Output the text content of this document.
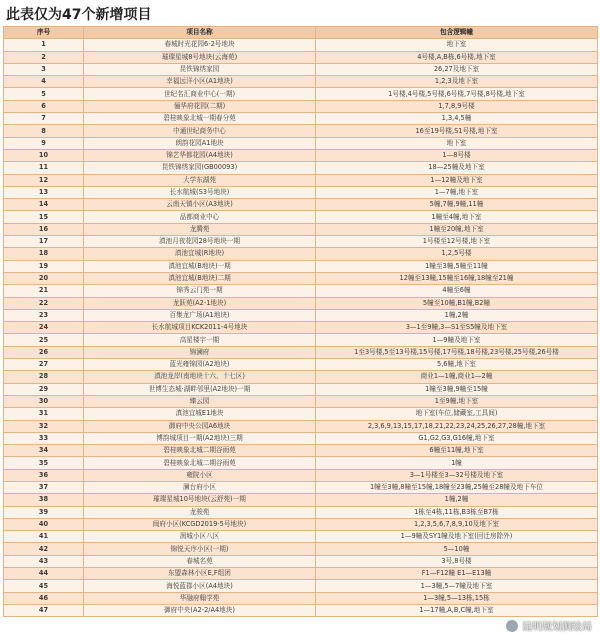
此表仅为47个新增项目
序号	项目名称	包含逻辑幢
1	春城时光花园6-2号地块	地下室
2	璀璨星城8号地块(云海苑)	4号楼,A,B栋,6号楼,地下室
3	昆铁锦绣家园	26,27及地下室
4	幸福远洋小区(A1地块)	1,2,3及地下室
5	世纪名汇商业中心(一期)	1号楼,4号楼,5号楼,6号楼,7号楼,8号楼,地下室
6	俪华府花园(二期)	1,7,8,9号楼
7	碧桂映象北城一期春分苑	1,3,4,5幢
8	中通世纪商务中心	16至19号楼,S1号楼,地下室
9	朗韵花园A1地块	地下室
10	锦艺华都花园(A4地块)	1—8号楼
11	昆铁锦绣家园(GB00093)	18—25幢及地下室
12	大学东湖苑	1—12幢及地下室
13	长水航城(S3号地块)	1—7幢,地下室
14	云南天镇小区(A3地块)	5幢,7幢,9幢,11幢
15	品都商业中心	1幢至4幢,地下室
16	龙腾苑	1幢至20幢,地下室
17	滇池月夜花园28号地块一期	1号楼至12号楼,地下室
18	滇池宜城(R地块)	1,2,5号楼
19	滇池宜城(B地块)一期	1幢至3幢,5幢至11幢
20	滇池宜城(B地块)二期	12幢至13幢,15幢至16幢,18幢至21幢
21	锦秀云门苑一期	4幢至6幢
22	龙跃苑(A2-1地块)	5幢至10幢,B1幢,B2幢
23	百集龙广场(A1地块)	1幢,2幢
24	长水航城项目KCK2011-4号地块	3—1至9幢,3—S1至S5幢及地下室
25	高星楼宇一期	1—9幢及地下室
26	锦澜府	1至3号楼,5至13号楼,15号楼,17号楼,18号楼,23号楼,25号楼,26号楼
27	蓝光雍锦园(A2地块)	5,6幢,地下室
28	滇池龙岸(南地块十六、十七区)	商业1—1幢,商业1—2幢
29	世博生态城·湖畔邻里(A2地块)一期	1幢至3幢,9幢至15幢
30	臻云园	1至9幢,地下室
31	滇池宜城E1地块	地下室(车位,储藏室,工具间)
32	御府中央公园A6地块	2,3,6,9,13,15,17,18,21,22,23,24,25,26,27,28幢,地下室
33	博韵城项目一期(A2地块)三期	G1,G2,G3,G16幢,地下室
34	碧桂映象北城二期谷雨苑	6幢至11幢,地下室
35	碧桂映象北城二期谷雨苑	1幢
36	雍院小区	3—1号楼至3—32号楼及地下室
37	澜台府小区	1幢至3幢,8幢至15幢,18幢至23幢,25幢至28幢及地下车位
38	璀璨星城10号地块(云舒苑)一期	1幢,2幢
39	龙骏苑	1栋至4栋,11栋,B3栋至B7栋
40	闽府小区(KCGD2019-5号地块)	1,2,3,5,6,7,8,9,10及地下室
41	润城小区八区	1—9幢及SY1幢及地下室(回迁房除外)
42	锦悦天序小区(一期)	5—10幢
43	春城名苑	3号,8号楼
44	东盟森林小区E,F组团	F1—F12幢 E1—E13幢
45	海悦蓝郡小区(A4地块)	1—3幢,5—7幢及地下室
46	华融府翰学苑	1—3幢,5—13栋,15栋
47	御府中央(A2-2/A4地块)	1—17幢,A,B,C幢,地下室
昆明规划测绘局
